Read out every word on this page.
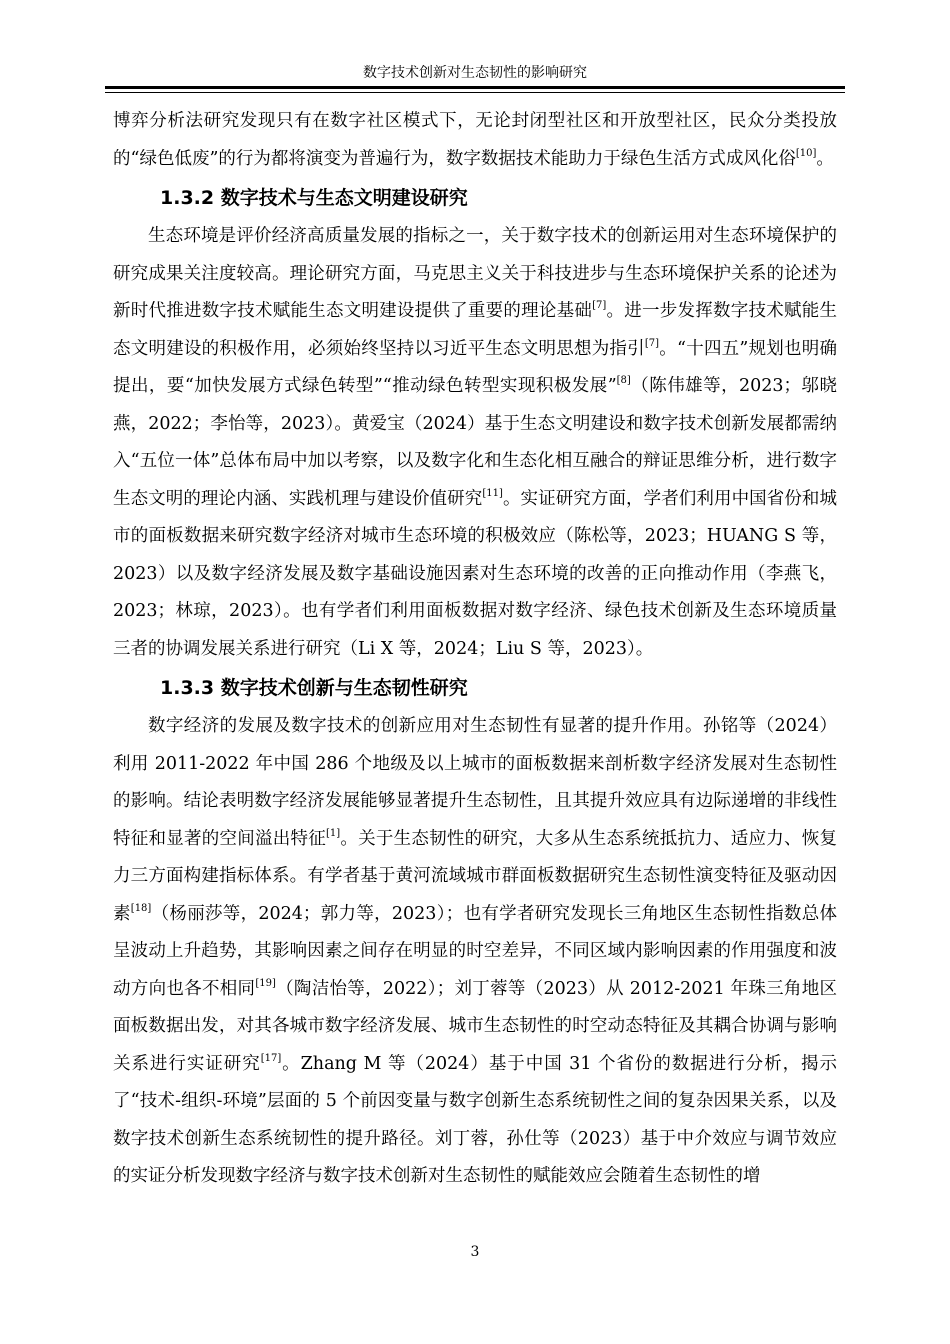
数字技术创新对生态韧性的影响研究

博弈分析法研究发现只有在数字社区模式下，无论封闭型社区和开放型社区，民众分类投放的“绿色低废”的行为都将演变为普遍行为，数字数据技术能助力于绿色生活方式成风化俗[10]。

1.3.2 数字技术与生态文明建设研究

生态环境是评价经济高质量发展的指标之一，关于数字技术的创新运用对生态环境保护的研究成果关注度较高。理论研究方面，马克思主义关于科技进步与生态环境保护关系的论述为新时代推进数字技术赋能生态文明建设提供了重要的理论基础[7]。进一步发挥数字技术赋能生态文明建设的积极作用，必须始终坚持以习近平生态文明思想为指引[7]。“十四五”规划也明确提出，要“加快发展方式绿色转型”“推动绿色转型实现积极发展”[8]（陈伟雄等，2023；邬晓燕，2022；李怡等，2023）。黄爱宝（2024）基于生态文明建设和数字技术创新发展都需纳入“五位一体”总体布局中加以考察，以及数字化和生态化相互融合的辩证思维分析，进行数字生态文明的理论内涵、实践机理与建设价值研究[11]。实证研究方面，学者们利用中国省份和城市的面板数据来研究数字经济对城市生态环境的积极效应（陈松等，2023；HUANG S 等，2023）以及数字经济发展及数字基础设施因素对生态环境的改善的正向推动作用（李燕飞，2023；林琼，2023）。也有学者们利用面板数据对数字经济、绿色技术创新及生态环境质量三者的协调发展关系进行研究（Li X 等，2024；Liu S 等，2023）。

1.3.3 数字技术创新与生态韧性研究

数字经济的发展及数字技术的创新应用对生态韧性有显著的提升作用。孙铭等（2024）利用 2011-2022 年中国 286 个地级及以上城市的面板数据来剖析数字经济发展对生态韧性的影响。结论表明数字经济发展能够显著提升生态韧性，且其提升效应具有边际递增的非线性特征和显著的空间溢出特征[1]。关于生态韧性的研究，大多从生态系统抵抗力、适应力、恢复力三方面构建指标体系。有学者基于黄河流域城市群面板数据研究生态韧性演变特征及驱动因素[18]（杨丽莎等，2024；郭力等，2023）；也有学者研究发现长三角地区生态韧性指数总体呈波动上升趋势，其影响因素之间存在明显的时空差异，不同区域内影响因素的作用强度和波动方向也各不相同[19]（陶洁怡等，2022）；刘丁蓉等（2023）从 2012-2021 年珠三角地区面板数据出发，对其各城市数字经济发展、城市生态韧性的时空动态特征及其耦合协调与影响关系进行实证研究[17]。Zhang M 等（2024）基于中国 31 个省份的数据进行分析，揭示了“技术-组织-环境”层面的 5 个前因变量与数字创新生态系统韧性之间的复杂因果关系，以及数字技术创新生态系统韧性的提升路径。刘丁蓉，孙仕等（2023）基于中介效应与调节效应的实证分析发现数字经济与数字技术创新对生态韧性的赋能效应会随着生态韧性的增

3
